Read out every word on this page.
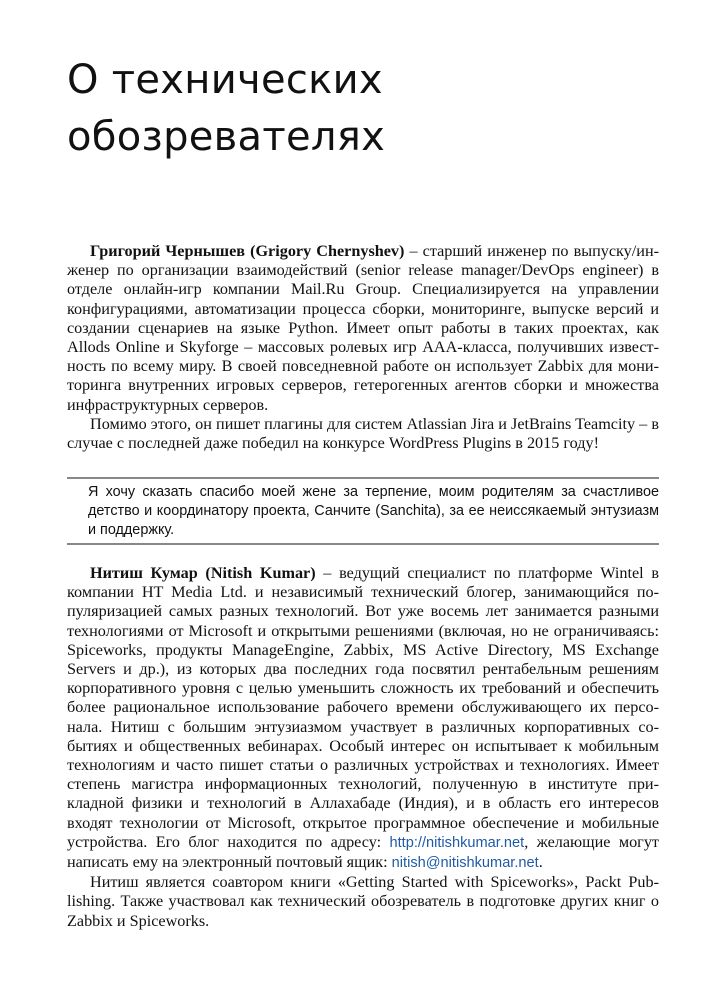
О технических
обозревателях

Григорий Чернышев (Grigory Chernyshev) – старший инженер по выпуску/инженер по организации взаимодействий (senior release manager/DevOps engineer) в отделе онлайн-игр компании Mail.Ru Group. Специализируется на управлении конфигурациями, автоматизации процесса сборки, мониторинге, выпуске версий и создании сценариев на языке Python. Имеет опыт работы в таких проектах, как Allods Online и Skyforge – массовых ролевых игр AAA-класса, получивших известность по всему миру. В своей повседневной работе он использует Zabbix для мониторинга внутренних игровых серверов, гетерогенных агентов сборки и множества инфраструктурных серверов.

Помимо этого, он пишет плагины для систем Atlassian Jira и JetBrains Teamcity – в случае с последней даже победил на конкурсе WordPress Plugins в 2015 году!

Я хочу сказать спасибо моей жене за терпение, моим родителям за счастливое детство и координатору проекта, Санчите (Sanchita), за ее неиссякаемый энтузиазм и поддержку.

Нитиш Кумар (Nitish Kumar) – ведущий специалист по платформе Wintel в компании HT Media Ltd. и независимый технический блогер, занимающийся популяризацией самых разных технологий. Вот уже восемь лет занимается разными технологиями от Microsoft и открытыми решениями (включая, но не ограничиваясь: Spiceworks, продукты ManageEngine, Zabbix, MS Active Directory, MS Exchange Servers и др.), из которых два последних года посвятил рентабельным решениям корпоративного уровня с целью уменьшить сложность их требований и обеспечить более рациональное использование рабочего времени обслуживающего их персонала. Нитиш с большим энтузиазмом участвует в различных корпоративных событиях и общественных вебинарах. Особый интерес он испытывает к мобильным технологиям и часто пишет статьи о различных устройствах и технологиях. Имеет степень магистра информационных технологий, полученную в институте прикладной физики и технологий в Аллахабаде (Индия), и в область его интересов входят технологии от Microsoft, открытое программное обеспечение и мобильные устройства. Его блог находится по адресу: http://nitishkumar.net, желающие могут написать ему на электронный почтовый ящик: nitish@nitishkumar.net.

Нитиш является соавтором книги «Getting Started with Spiceworks», Packt Publishing. Также участвовал как технический обозреватель в подготовке других книг о Zabbix и Spiceworks.
